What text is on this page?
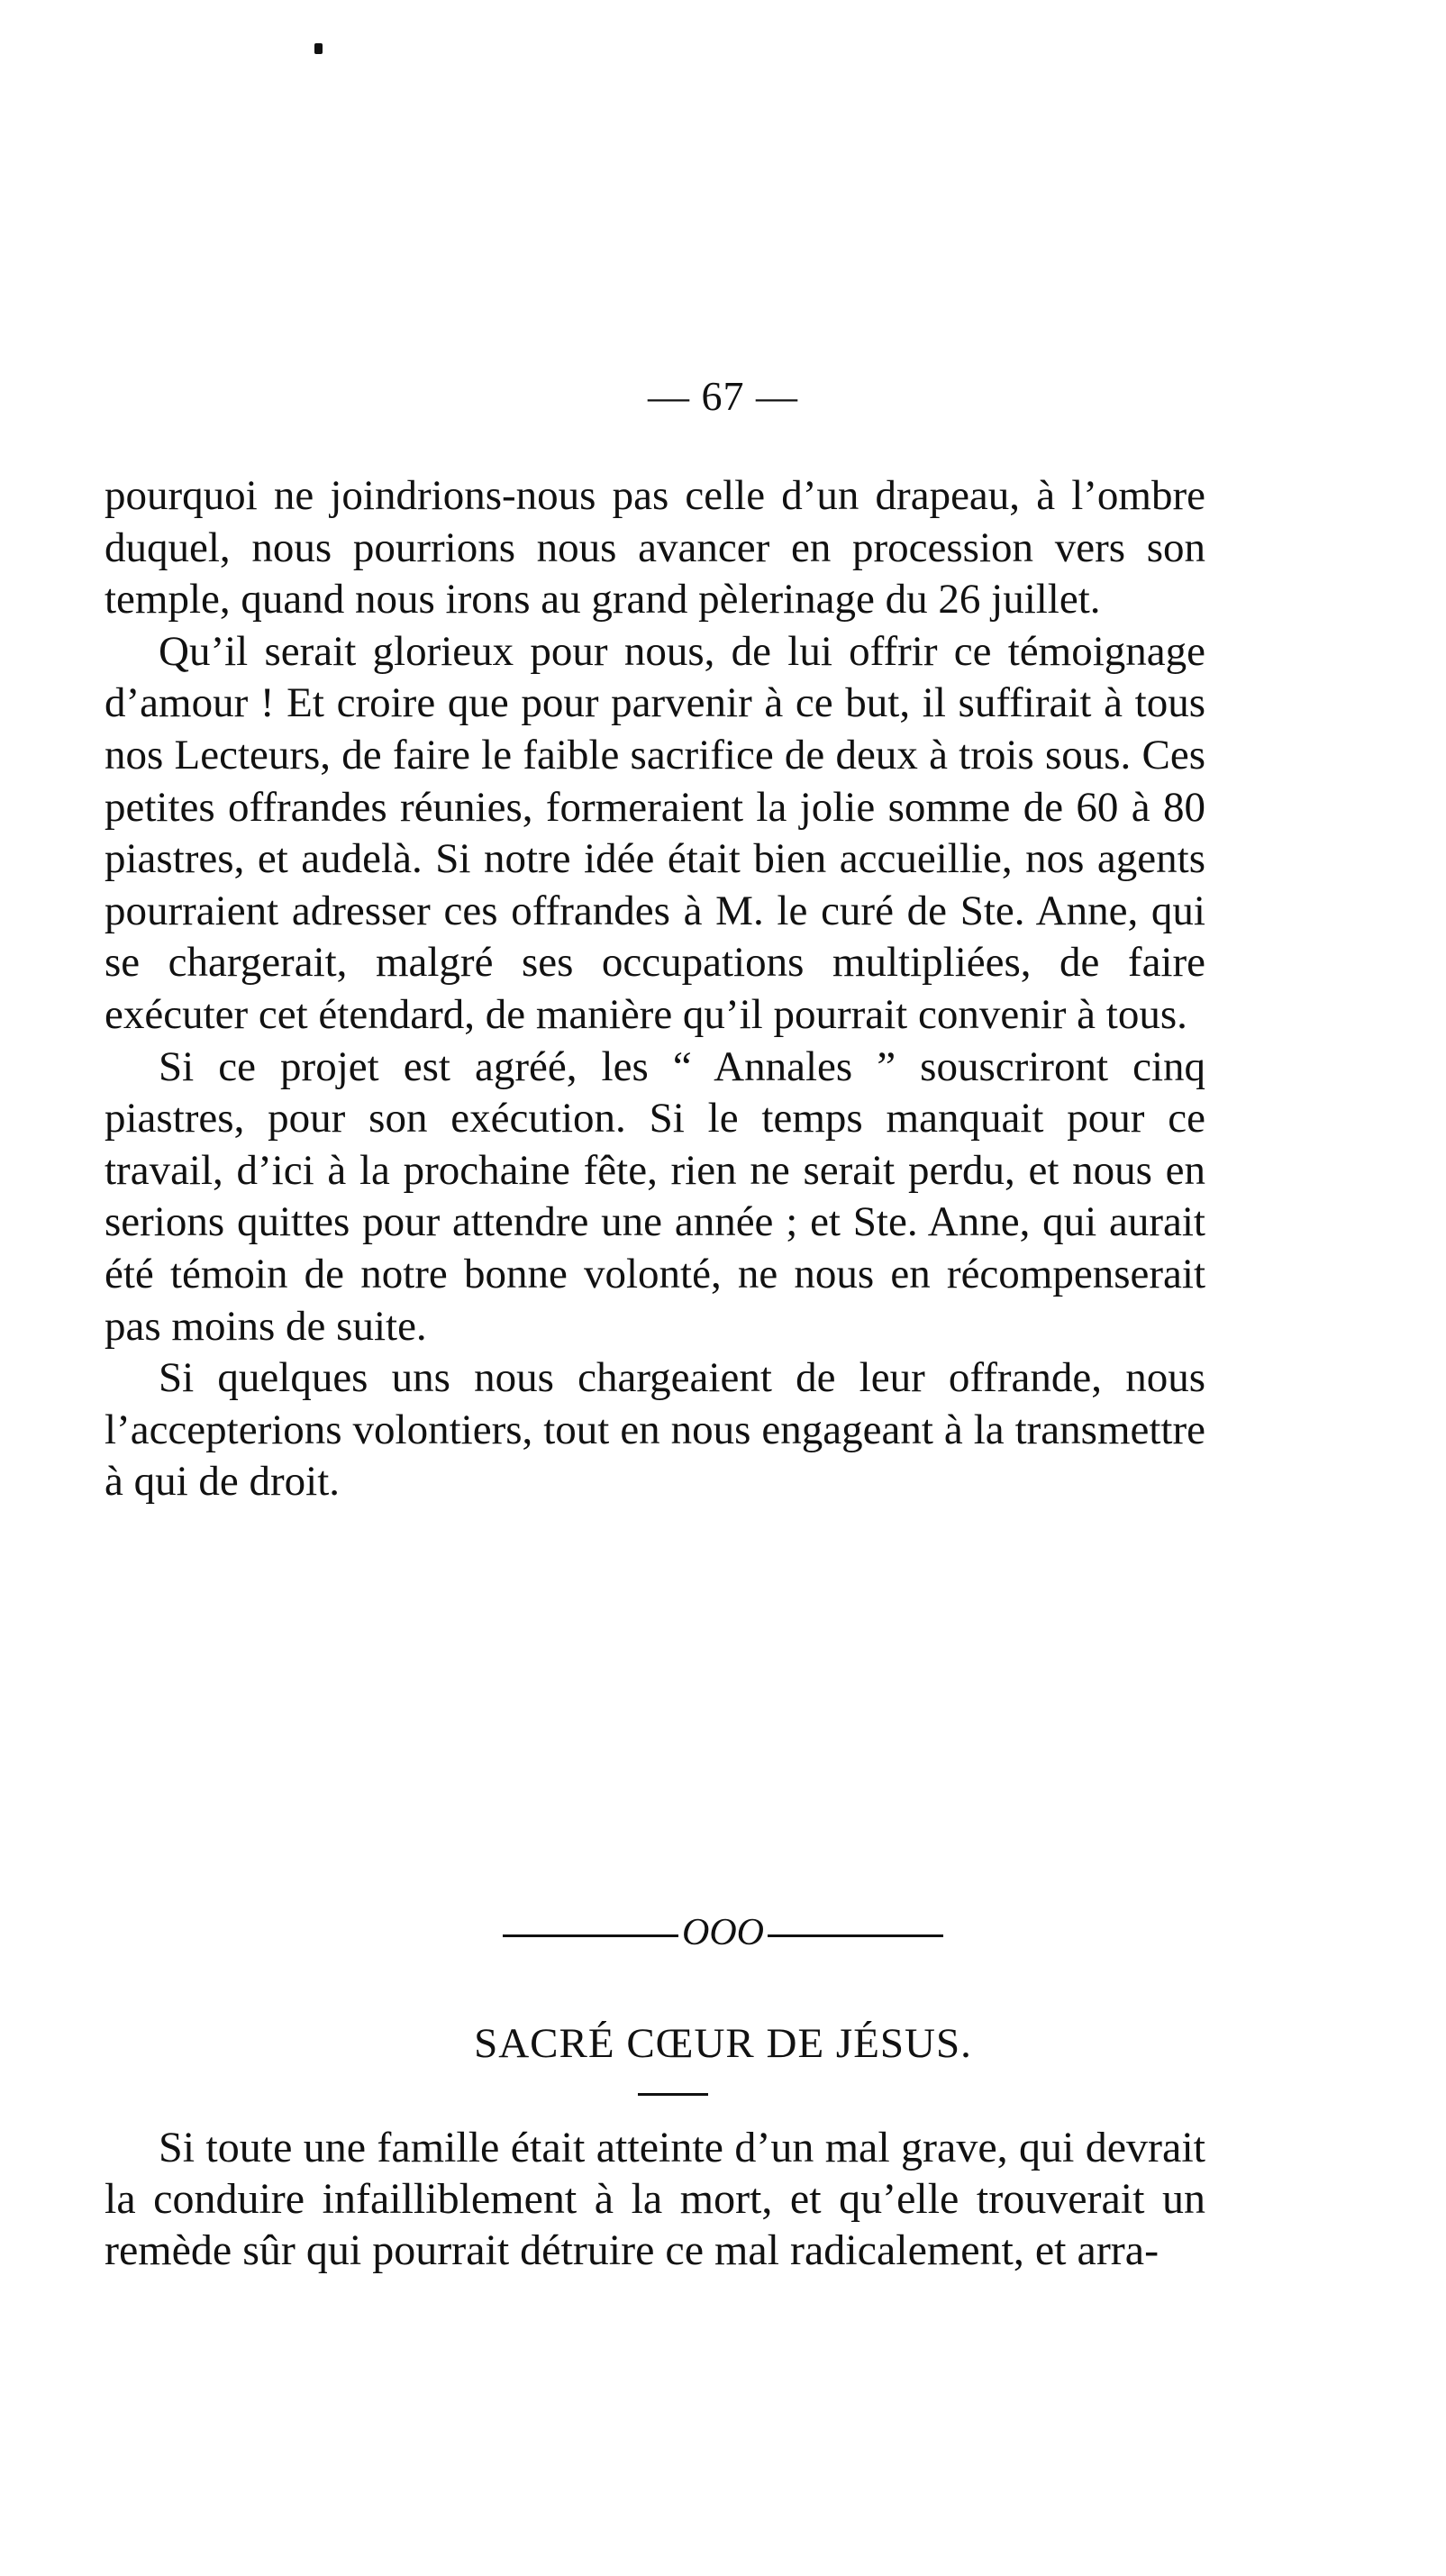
— 67 —

pourquoi ne joindrions-nous pas celle d’un drapeau, à l’ombre duquel, nous pourrions nous avancer en procession vers son temple, quand nous irons au grand pèlerinage du 26 juillet.

Qu’il serait glorieux pour nous, de lui offrir ce témoignage d’amour ! Et croire que pour parvenir à ce but, il suffirait à tous nos Lecteurs, de faire le faible sacrifice de deux à trois sous. Ces petites offrandes réunies, formeraient la jolie somme de 60 à 80 piastres, et audelà. Si notre idée était bien accueillie, nos agents pourraient adresser ces offrandes à M. le curé de Ste. Anne, qui se chargerait, malgré ses occupations multipliées, de faire exécuter cet étendard, de manière qu’il pourrait convenir à tous.

Si ce projet est agréé, les “ Annales ” souscriront cinq piastres, pour son exécution. Si le temps manquait pour ce travail, d’ici à la prochaine fête, rien ne serait perdu, et nous en serions quittes pour attendre une année ; et Ste. Anne, qui aurait été témoin de notre bonne volonté, ne nous en récompenserait pas moins de suite.

Si quelques uns nous chargeaient de leur offrande, nous l’accepterions volontiers, tout en nous engageant à la transmettre à qui de droit.

OOO
SACRÉ CŒUR DE JÉSUS.

Si toute une famille était atteinte d’un mal grave, qui devrait la conduire infailliblement à la mort, et qu’elle trouverait un remède sûr qui pourrait détruire ce mal radicalement, et arra-
